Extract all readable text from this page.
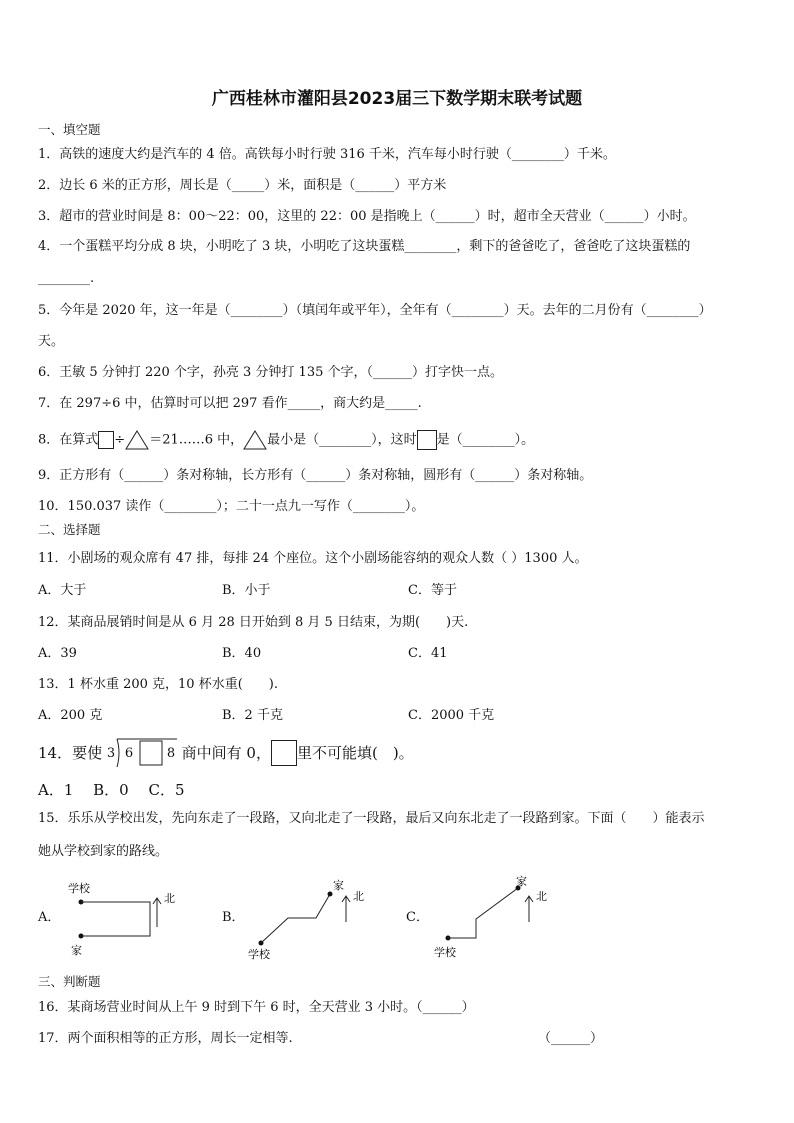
广西桂林市灌阳县2023届三下数学期末联考试题
一、填空题
1．高铁的速度大约是汽车的 4 倍。高铁每小时行驶 316 千米，汽车每小时行驶（________）千米。
2．边长 6 米的正方形，周长是（_____）米，面积是（______）平方米
3．超市的营业时间是 8：00～22：00，这里的 22：00 是指晚上（______）时，超市全天营业（______）小时。
4．一个蛋糕平均分成 8 块，小明吃了 3 块，小明吃了这块蛋糕________，剩下的爸爸吃了，爸爸吃了这块蛋糕的
________.
5．今年是 2020 年，这一年是（________）（填闰年或平年），全年有（________）天。去年的二月份有（________）
天。
6．王敏 5 分钟打 220 个字，孙亮 3 分钟打 135 个字，（______）打字快一点。
7．在 297÷6 中，估算时可以把 297 看作_____，商大约是_____.
8．在算式 ÷ ＝21……6 中， 最小是（________），这时 是（________）。
9．正方形有（______）条对称轴，长方形有（______）条对称轴，圆形有（______）条对称轴。
10．150.037 读作（________）；二十一点九一写作（________）。
二、选择题
11．小剧场的观众席有 47 排，每排 24 个座位。这个小剧场能容纳的观众人数（ ）1300 人。
A．大于	B．小于	C．等于
12．某商品展销时间是从 6 月 28 日开始到 8 月 5 日结束，为期(　　)天.
A．39	B．40	C．41
13．1 杯水重 200 克，10 杯水重(　　).
A．200 克	B．2 千克	C．2000 千克
14．要使 3 6	8 商中间有 0， 里不可能填(　)。
A．1　 B．0　 C．5
15．乐乐从学校出发，先向东走了一段路，又向北走了一段路，最后又向东北走了一段路到家。下面（　　）能表示
她从学校到家的路线。
A．	B．	C．
学校
家
北
学校
家
北
学校
家
北
三、判断题
16．某商场营业时间从上午 9 时到下午 6 时，全天营业 3 小时。（______）
17．两个面积相等的正方形，周长一定相等.	（______）
